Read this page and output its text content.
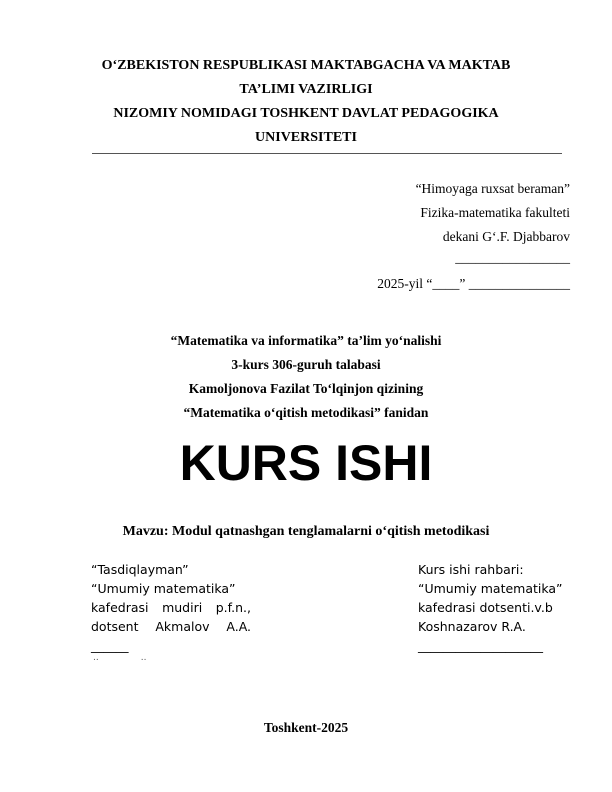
O‘ZBEKISTON RESPUBLIKASI MAKTABGACHA VA MAKTAB
TA’LIMI VAZIRLIGI
NIZOMIY NOMIDAGI TOSHKENT DAVLAT PEDAGOGIKA
UNIVERSITETI
“Himoyaga ruxsat beraman”
Fizika-matematika fakulteti
dekani G‘.F. Djabbarov
_________________
2025-yil “____” _______________
“Matematika va informatika” ta’lim yo‘nalishi
3-kurs 306-guruh talabasi
Kamoljonova Fazilat To‘lqinjon qizining
“Matematika o‘qitish metodikasi” fanidan
KURS ISHI
Mavzu: Modul qatnashgan tenglamalarni o‘qitish metodikasi
“Tasdiqlayman”
“Umumiy matematika”
kafedrasi mudiri p.f.n.,
dotsent Akmalov A.A.
______
..	..
Kurs ishi rahbari:
“Umumiy matematika”
kafedrasi dotsenti.v.b
Koshnazarov R.A.
____________________
Toshkent-2025
